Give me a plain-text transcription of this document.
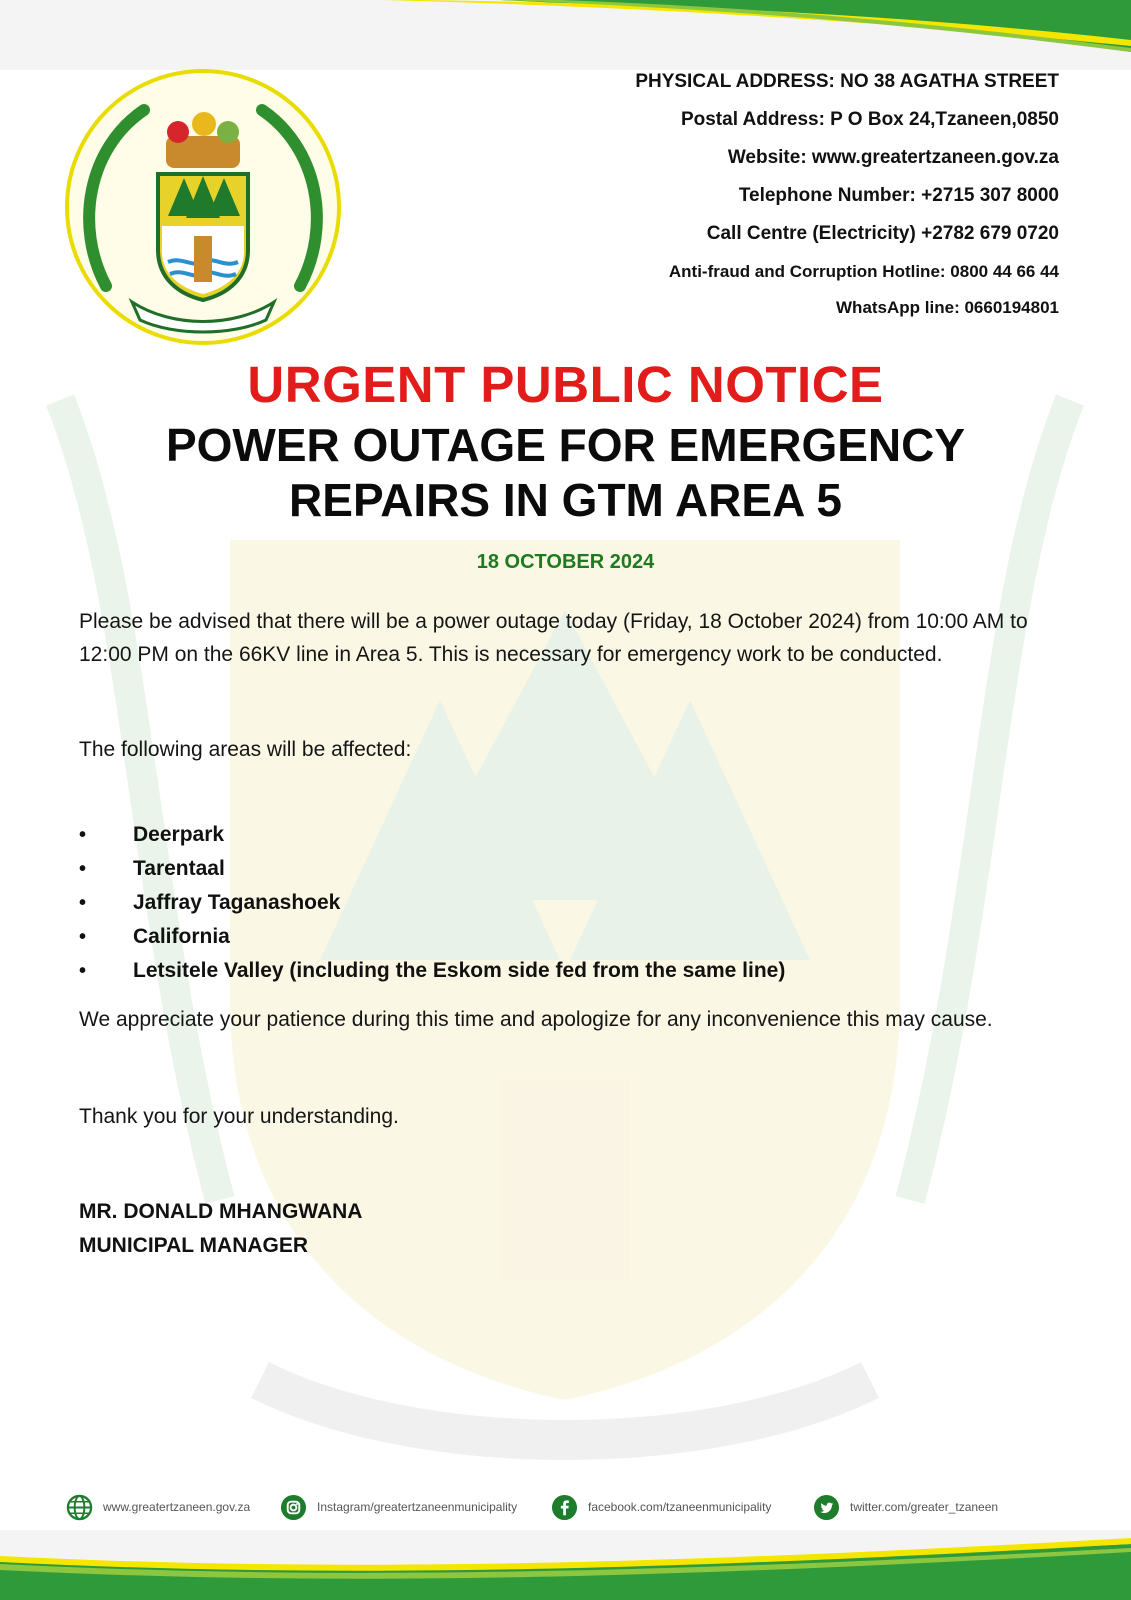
PHYSICAL ADDRESS: NO 38 AGATHA STREET
Postal Address: P O Box 24,Tzaneen,0850
Website: www.greatertzaneen.gov.za
Telephone Number: +2715 307 8000
Call Centre (Electricity) +2782 679 0720
Anti-fraud and Corruption Hotline: 0800 44 66 44
WhatsApp line: 0660194801
URGENT PUBLIC NOTICE
POWER OUTAGE FOR EMERGENCY
REPAIRS IN GTM AREA 5
18 OCTOBER 2024
Please be advised that there will be a power outage today (Friday, 18 October 2024) from 10:00 AM to 12:00 PM on the 66KV line in Area 5. This is necessary for emergency work to be conducted.
The following areas will be affected:
• Deerpark
• Tarentaal
• Jaffray Taganashoek
• California
• Letsitele Valley (including the Eskom side fed from the same line)
We appreciate your patience during this time and apologize for any inconvenience this may cause.
Thank you for your understanding.
MR. DONALD MHANGWANA
MUNICIPAL MANAGER
www.greatertzaneen.gov.za	Instagram/greatertzaneenmunicipality	facebook.com/tzaneenmunicipality	twitter.com/greater_tzaneen
